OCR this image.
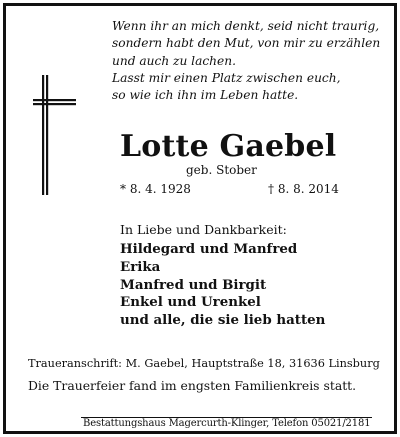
Wenn ihr an mich denkt, seid nicht traurig,
sondern habt den Mut, von mir zu erzählen
und auch zu lachen.
Lasst mir einen Platz zwischen euch,
so wie ich ihn im Leben hatte.
Lotte Gaebel
geb. Stober
* 8. 4. 1928	† 8. 8. 2014
In Liebe und Dankbarkeit:
Hildegard und Manfred
Erika
Manfred und Birgit
Enkel und Urenkel
und alle, die sie lieb hatten
Traueranschrift: M. Gaebel, Hauptstraße 18, 31636 Linsburg
Die Trauerfeier fand im engsten Familienkreis statt.
Bestattungshaus Magercurth-Klinger, Telefon 05021/2181
